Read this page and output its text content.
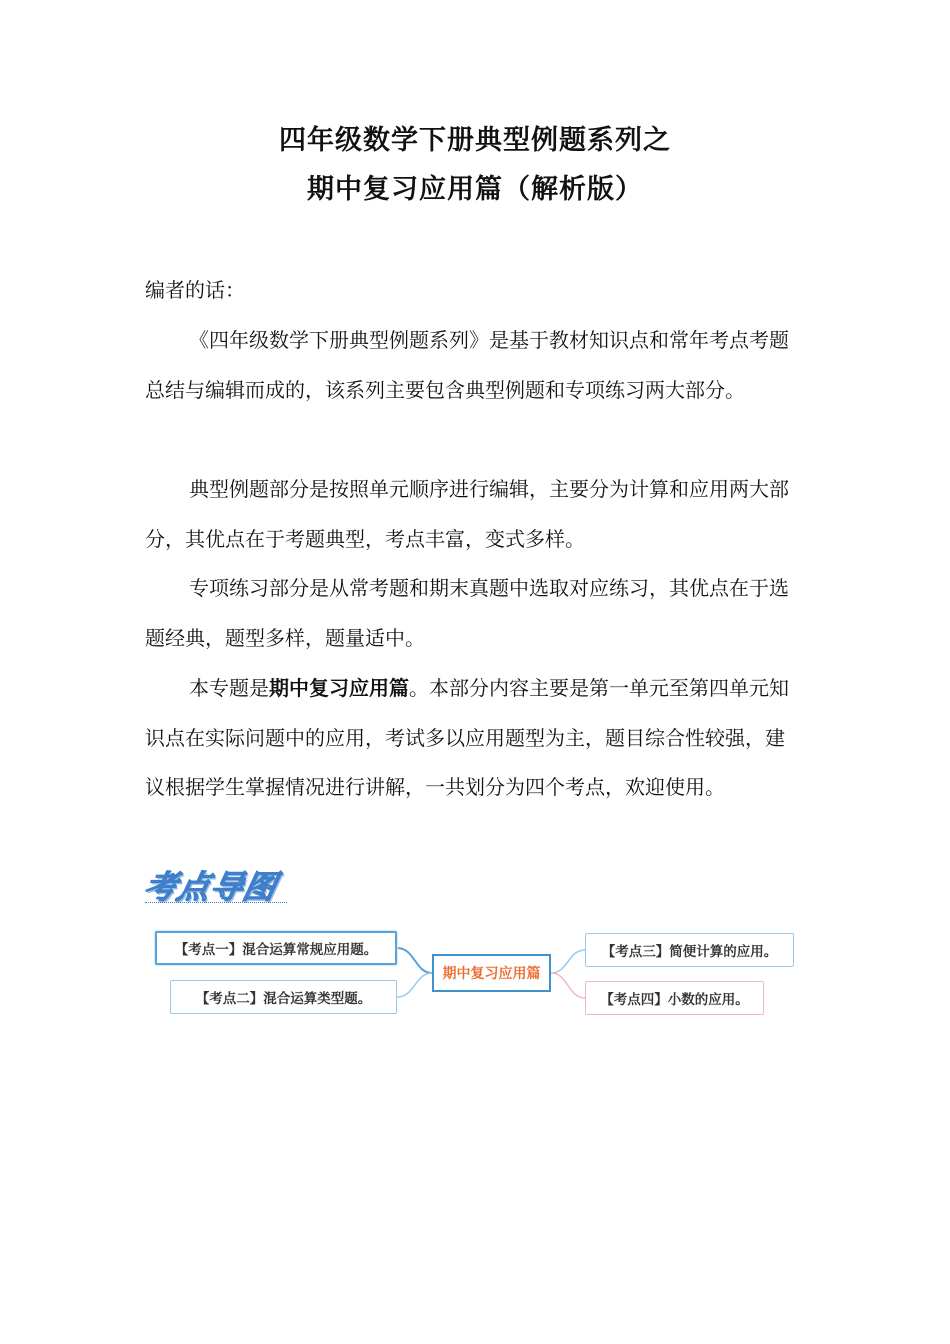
四年级数学下册典型例题系列之
期中复习应用篇（解析版）

编者的话：

《四年级数学下册典型例题系列》是基于教材知识点和常年考点考题总结与编辑而成的，该系列主要包含典型例题和专项练习两大部分。

典型例题部分是按照单元顺序进行编辑，主要分为计算和应用两大部分，其优点在于考题典型，考点丰富，变式多样。

专项练习部分是从常考题和期末真题中选取对应练习，其优点在于选题经典，题型多样，题量适中。

本专题是期中复习应用篇。本部分内容主要是第一单元至第四单元知识点在实际问题中的应用，考试多以应用题型为主，题目综合性较强，建议根据学生掌握情况进行讲解，一共划分为四个考点，欢迎使用。

考点导图
【考点一】混合运算常规应用题。
【考点二】混合运算类型题。
期中复习应用篇
【考点三】简便计算的应用。
【考点四】小数的应用。
